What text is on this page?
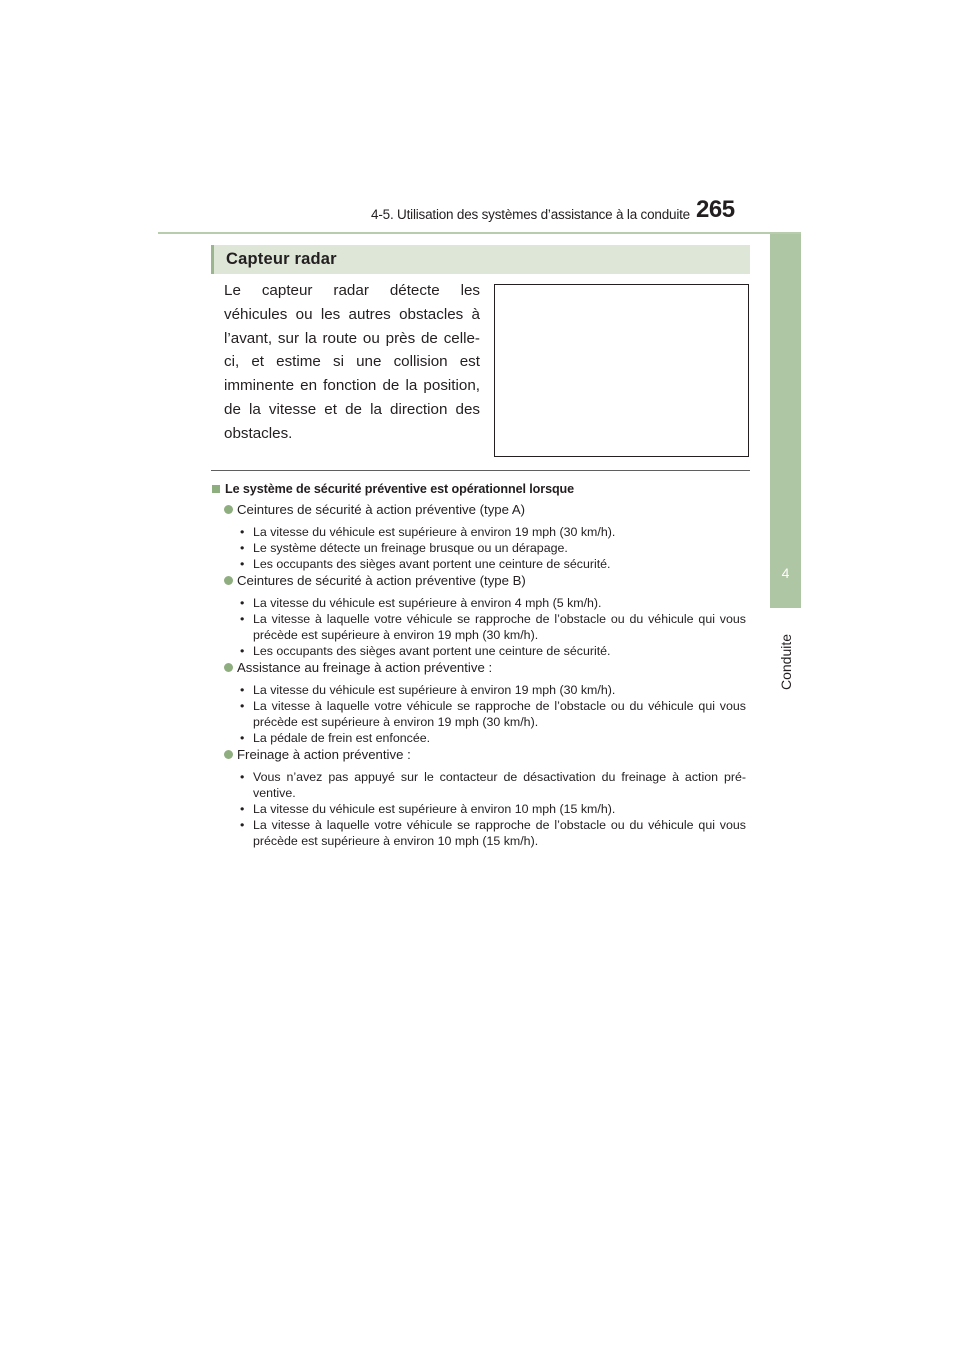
4-5. Utilisation des systèmes d’assistance à la conduite 265
4
Conduite
Capteur radar
Le capteur radar détecte les véhicules ou les autres obstacles à l’avant, sur la route ou près de celle-ci, et estime si une collision est imminente en fonction de la position, de la vitesse et de la direction des obstacles.
Le système de sécurité préventive est opérationnel lorsque
Ceintures de sécurité à action préventive (type A)
• La vitesse du véhicule est supérieure à environ 19 mph (30 km/h).
• Le système détecte un freinage brusque ou un dérapage.
• Les occupants des sièges avant portent une ceinture de sécurité.
Ceintures de sécurité à action préventive (type B)
• La vitesse du véhicule est supérieure à environ 4 mph (5 km/h).
• La vitesse à laquelle votre véhicule se rapproche de l’obstacle ou du véhicule qui vous précède est supérieure à environ 19 mph (30 km/h).
• Les occupants des sièges avant portent une ceinture de sécurité.
Assistance au freinage à action préventive :
• La vitesse du véhicule est supérieure à environ 19 mph (30 km/h).
• La vitesse à laquelle votre véhicule se rapproche de l’obstacle ou du véhicule qui vous précède est supérieure à environ 19 mph (30 km/h).
• La pédale de frein est enfoncée.
Freinage à action préventive :
• Vous n’avez pas appuyé sur le contacteur de désactivation du freinage à action pré-ventive.
• La vitesse du véhicule est supérieure à environ 10 mph (15 km/h).
• La vitesse à laquelle votre véhicule se rapproche de l’obstacle ou du véhicule qui vous précède est supérieure à environ 10 mph (15 km/h).
